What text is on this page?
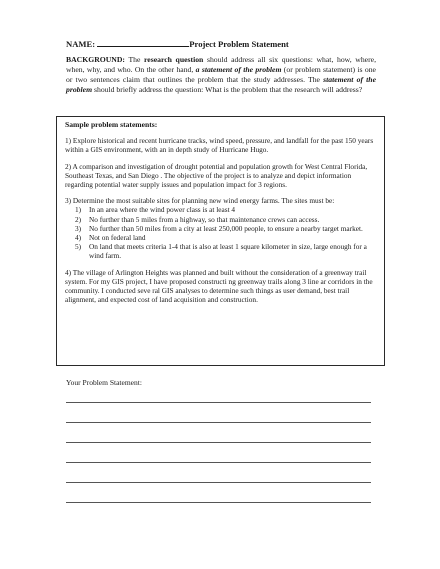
NAME:	Project Problem Statement
BACKGROUND: The research question should address all six questions: what, how, where, when, why, and who. On the other hand, a statement of the problem (or problem statement) is one or two sentences claim that outlines the problem that the study addresses. The statement of the problem should briefly address the question: What is the problem that the research will address?
Sample problem statements:
1) Explore historical and recent hurricane tracks, wind speed, pressure, and landfall for the past 150 years within a GIS environment, with an in depth study of Hurricane Hugo.
2) A comparison and investigation of drought potential and population growth for West Central Florida, Southeast Texas, and San Diego . The objective of the project is to analyze and depict information regarding potential water supply issues and population impact for 3 regions.
3) Determine the most suitable sites for planning new wind energy farms. The sites must be:
1) In an area where the wind power class is at least 4
2) No further than 5 miles from a highway, so that maintenance crews can access.
3) No further than 50 miles from a city at least 250,000 people, to ensure a nearby target market.
4) Not on federal land
5) On land that meets criteria 1-4 that is also at least 1 square kilometer in size, large enough for a wind farm.
4) The village of Arlington Heights was planned and built without the consideration of a greenway trail system. For my GIS project, I have proposed constructi ng greenway trails along 3 line ar corridors in the community. I conducted seve ral GIS analyses to determine such things as user demand, best trail alignment, and expected cost of land acquisition and construction.
Your Problem Statement:
